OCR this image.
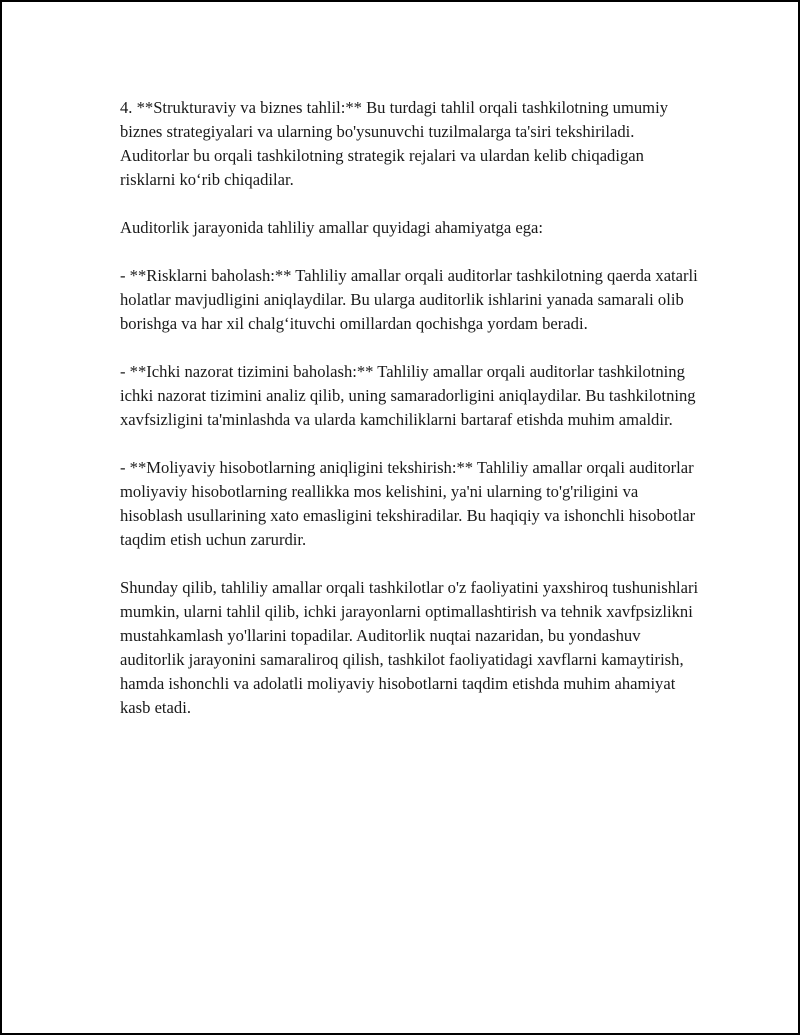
4. **Strukturaviy va biznes tahlil:** Bu turdagi tahlil orqali tashkilotning umumiy biznes strategiyalari va ularning bo'ysunuvchi tuzilmalarga ta'siri tekshiriladi. Auditorlar bu orqali tashkilotning strategik rejalari va ulardan kelib chiqadigan risklarni ko‘rib chiqadilar.

Auditorlik jarayonida tahliliy amallar quyidagi ahamiyatga ega:

- **Risklarni baholash:** Tahliliy amallar orqali auditorlar tashkilotning qaerda xatarli holatlar mavjudligini aniqlaydilar. Bu ularga auditorlik ishlarini yanada samarali olib borishga va har xil chalg‘ituvchi omillardan qochishga yordam beradi.

- **Ichki nazorat tizimini baholash:** Tahliliy amallar orqali auditorlar tashkilotning ichki nazorat tizimini analiz qilib, uning samaradorligini aniqlaydilar. Bu tashkilotning xavfsizligini ta'minlashda va ularda kamchiliklarni bartaraf etishda muhim amaldir.

- **Moliyaviy hisobotlarning aniqligini tekshirish:** Tahliliy amallar orqali auditorlar moliyaviy hisobotlarning reallikka mos kelishini, ya'ni ularning to'g'riligini va hisoblash usullarining xato emasligini tekshiradilar. Bu haqiqiy va ishonchli hisobotlar taqdim etish uchun zarurdir.

Shunday qilib, tahliliy amallar orqali tashkilotlar o'z faoliyatini yaxshiroq tushunishlari mumkin, ularni tahlil qilib, ichki jarayonlarni optimallashtirish va tehnik xavfpsizlikni mustahkamlash yo'llarini topadilar. Auditorlik nuqtai nazaridan, bu yondashuv auditorlik jarayonini samaraliroq qilish, tashkilot faoliyatidagi xavflarni kamaytirish, hamda ishonchli va adolatli moliyaviy hisobotlarni taqdim etishda muhim ahamiyat kasb etadi.
